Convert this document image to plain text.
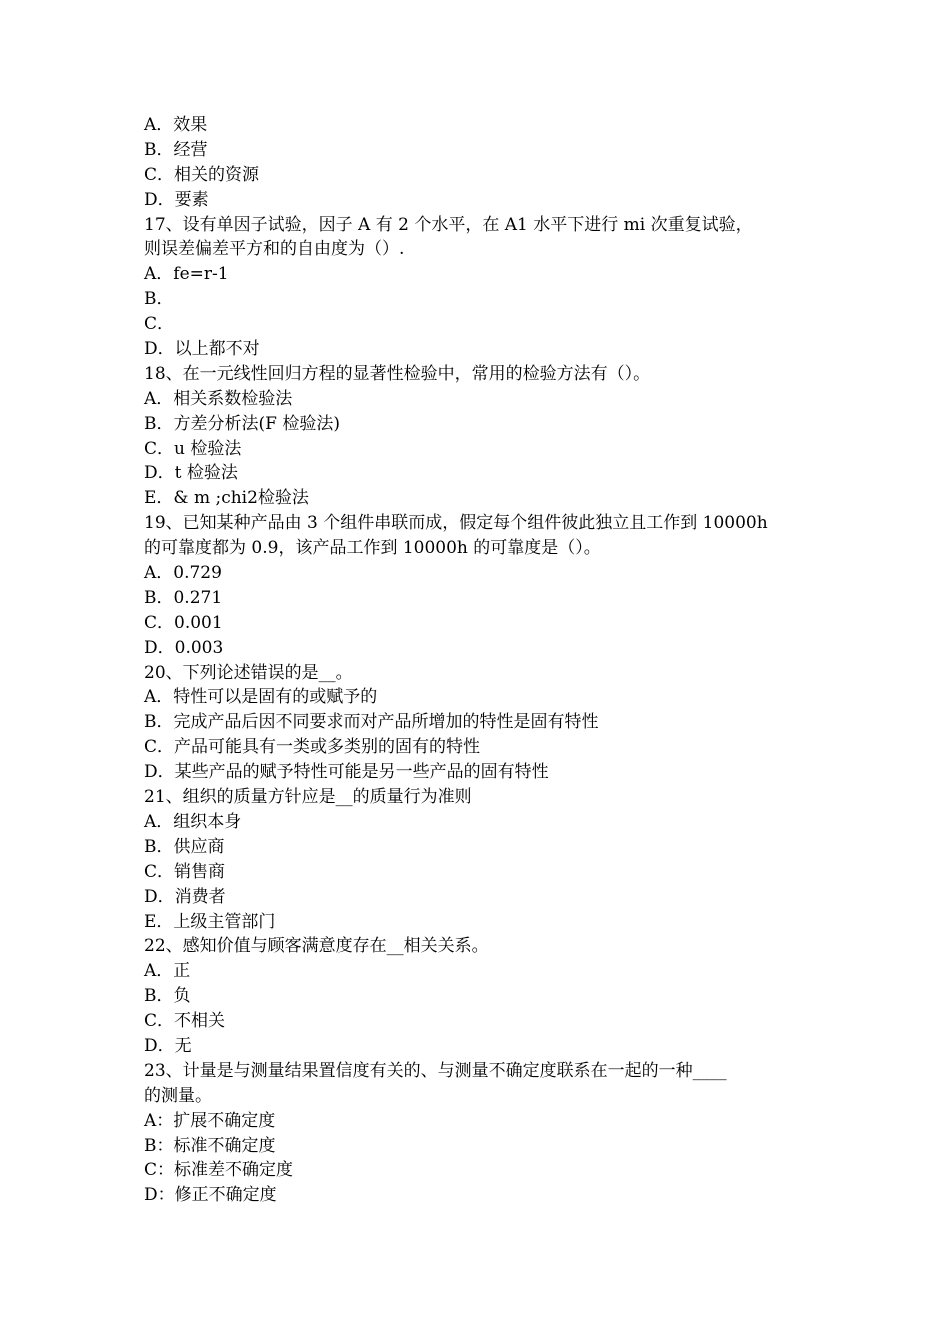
A．效果
B．经营
C．相关的资源
D．要素
17、设有单因子试验，因子 A 有 2 个水平，在 A1 水平下进行 mi 次重复试验，
则误差偏差平方和的自由度为（）.
A．fe=r-1
B．
C．
D．以上都不对
18、在一元线性回归方程的显著性检验中，常用的检验方法有（）。
A．相关系数检验法
B．方差分析法(F 检验法)
C．u 检验法
D．t 检验法
E．& m ;chi2检验法
19、已知某种产品由 3 个组件串联而成，假定每个组件彼此独立且工作到 10000h
的可靠度都为 0.9，该产品工作到 10000h 的可靠度是（）。
A．0.729
B．0.271
C．0.001
D．0.003
20、下列论述错误的是__。
A．特性可以是固有的或赋予的
B．完成产品后因不同要求而对产品所增加的特性是固有特性
C．产品可能具有一类或多类别的固有的特性
D．某些产品的赋予特性可能是另一些产品的固有特性
21、组织的质量方针应是__的质量行为准则
A．组织本身
B．供应商
C．销售商
D．消费者
E．上级主管部门
22、感知价值与顾客满意度存在__相关关系。
A．正
B．负
C．不相关
D．无
23、计量是与测量结果置信度有关的、与测量不确定度联系在一起的一种____
的测量。
A：扩展不确定度
B：标准不确定度
C：标准差不确定度
D：修正不确定度
